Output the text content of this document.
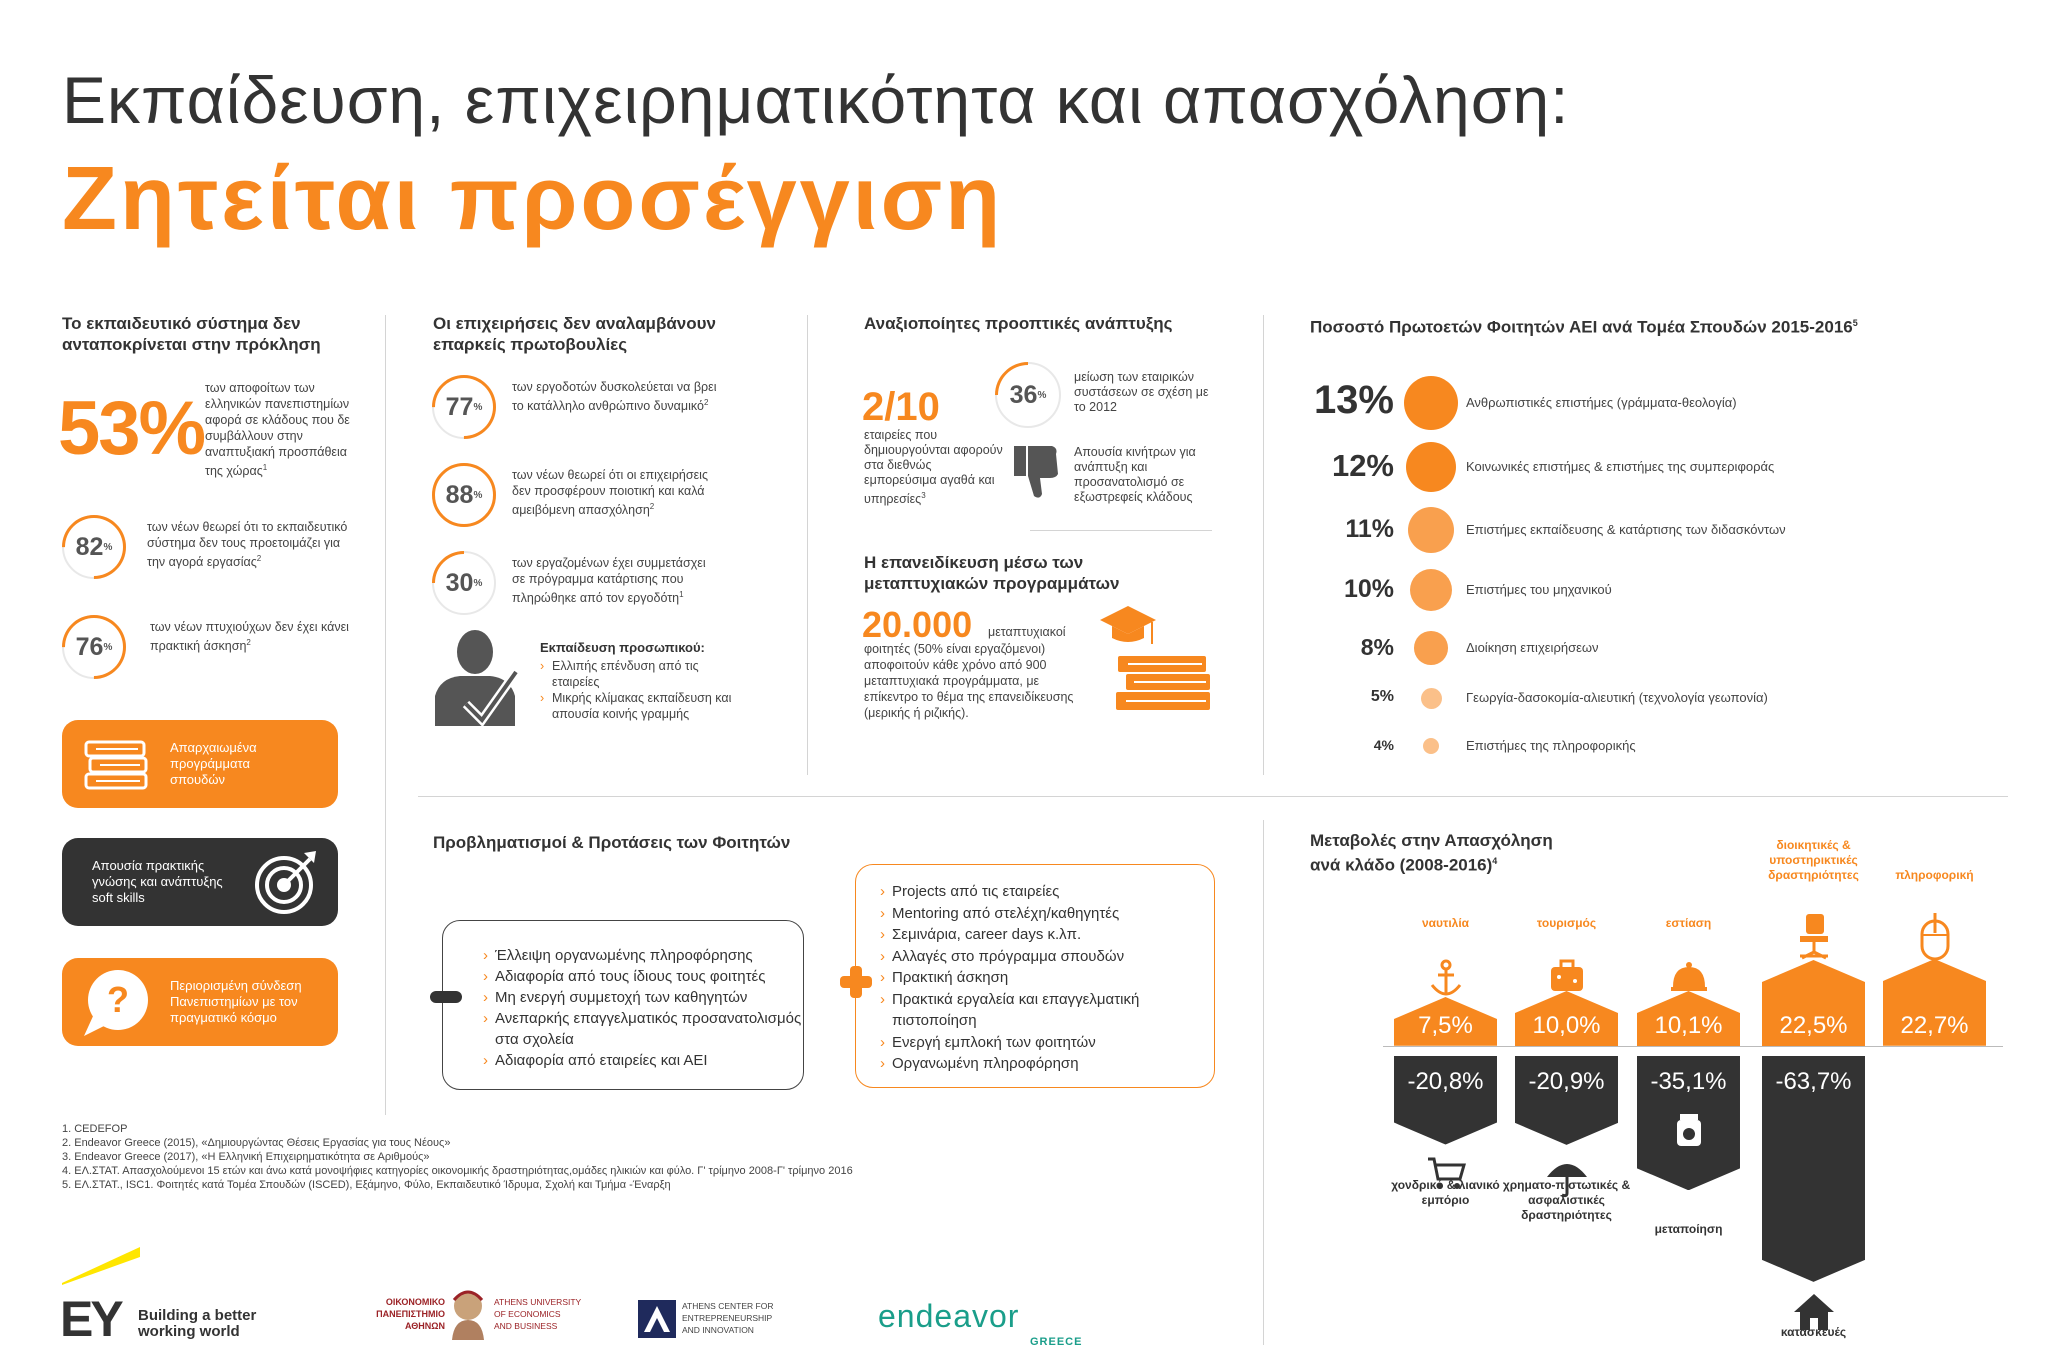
Εκπαίδευση, επιχειρηματικότητα και απασχόληση:
Ζητείται προσέγγιση
Το εκπαιδευτικό σύστημα δεν ανταποκρίνεται στην πρόκληση
53% των αποφοίτων των ελληνικών πανεπιστημίων αφορά σε κλάδους που δε συμβάλλουν στην αναπτυξιακή προσπάθεια της χώρας$^1$
82 %
των νέων θεωρεί ότι το εκπαιδευτικό σύστημα δεν τους προετοιμάζει για την αγορά εργασίας$^2$
76 %
των νέων πτυχιούχων δεν έχει κάνει πρακτική άσκηση$^2$
Απαρχαιωμένα προγράμματα σπουδών
Απουσία πρακτικής γνώσης και ανάπτυξης soft skills
?	Περιορισμένη σύνδεση Πανεπιστημίων με τον πραγματικό κόσμο
Οι επιχειρήσεις δεν αναλαμβάνουν επαρκείς πρωτοβουλίες
77 %
των εργοδοτών δυσκολεύεται να βρει το κατάλληλο ανθρώπινο δυναμικό$^2$
88 %
των νέων θεωρεί ότι οι επιχειρήσεις δεν προσφέρουν ποιοτική και καλά αμειβόμενη απασχόληση$^2$
30 %
των εργαζομένων έχει συμμετάσχει σε πρόγραμμα κατάρτισης που πληρώθηκε από τον εργοδότη$^1$
Εκπαίδευση προσωπικού:
› Ελλιπής επένδυση από τις εταιρείες
› Μικρής κλίμακας εκπαίδευση και απουσία κοινής γραμμής
Αναξιοποίητες προοπτικές ανάπτυξης
2/10
εταιρείες που δημιουργούνται αφορούν στα διεθνώς εμπορεύσιμα αγαθά και υπηρεσίες$^3$
36 %
μείωση των εταιρικών συστάσεων σε σχέση με το 2012
Απουσία κινήτρων για ανάπτυξη και προσανατολισμό σε εξωστρεφείς κλάδους
Η επανειδίκευση μέσω των μεταπτυχιακών προγραμμάτων
20.000 μεταπτυχιακοί
φοιτητές (50% είναι εργαζόμενοι) αποφοιτούν κάθε χρόνο από 900 μεταπτυχιακά προγράμματα, με επίκεντρο το θέμα της επανειδίκευσης (μερικής ή ριζικής).
Ποσοστό Πρωτοετών Φοιτητών ΑΕΙ ανά Τομέα Σπουδών 2015-2016$^5$
13%	Ανθρωπιστικές επιστήμες (γράμματα-θεολογία)
12%	Κοινωνικές επιστήμες & επιστήμες της συμπεριφοράς
11%	Επιστήμες εκπαίδευσης & κατάρτισης των διδασκόντων
10%	Επιστήμες του μηχανικού
8%	Διοίκηση επιχειρήσεων
5%	Γεωργία-δασοκομία-αλιευτική (τεχνολογία γεωπονία)
4%	Επιστήμες της πληροφορικής
Προβληματισμοί & Προτάσεις των Φοιτητών
› Έλλειψη οργανωμένης πληροφόρησης
› Αδιαφορία από τους ίδιους τους φοιτητές
› Μη ενεργή συμμετοχή των καθηγητών
› Ανεπαρκής επαγγελματικός προσανατολισμός στα σχολεία
› Αδιαφορία από εταιρείες και ΑΕΙ
› Projects από τις εταιρείες
› Mentoring από στελέχη/καθηγητές
› Σεμινάρια, career days κ.λπ.
› Αλλαγές στο πρόγραμμα σπουδών
› Πρακτική άσκηση
› Πρακτικά εργαλεία και επαγγελματική πιστοποίηση
› Ενεργή εμπλοκή των φοιτητών
› Οργανωμένη πληροφόρηση
Μεταβολές στην Απασχόληση ανά κλάδο (2008-2016)$^4$
7,5%
ναυτιλία
10,0%
τουρισμός
10,1%
εστίαση
22,5%
διοικητικές & υποστηρικτικές δραστηριότητες
22,7%
πληροφορική
-20,8%
χονδρικό & λιανικό εμπόριο
-20,9%
χρηματο-πιστωτικές & ασφαλιστικές δραστηριότητες
-35,1%
μεταποίηση
-63,7%
κατασκευές
1. CEDEFOP
2. Endeavor Greece (2015), «Δημιουργώντας Θέσεις Εργασίας για τους Νέους»
3. Endeavor Greece (2017), «Η Ελληνική Επιχειρηματικότητα σε Αριθμούς»
4. ΕΛ.ΣΤΑΤ. Απασχολούμενοι 15 ετών και άνω κατά μονοψήφιες κατηγορίες οικονομικής δραστηριότητας,ομάδες ηλικιών και φύλο. Γ' τρίμηνο 2008-Γ' τρίμηνο 2016
5. ΕΛ.ΣΤΑΤ., ISC1. Φοιτητές κατά Τομέα Σπουδών (ISCED), Εξάμηνο, Φύλο, Εκπαιδευτικό Ίδρυμα, Σχολή και Τμήμα -Έναρξη
EY Building a better
working world
ΟΙΚΟΝΟΜΙΚΟ
ΠΑΝΕΠΙΣΤΗΜΙΟ
ΑΘΗΝΩΝ
ATHENS UNIVERSITY
OF ECONOMICS
AND BUSINESS
ATHENS CENTER FOR
ENTREPRENEURSHIP
AND INNOVATION	endeavor
GREECE
